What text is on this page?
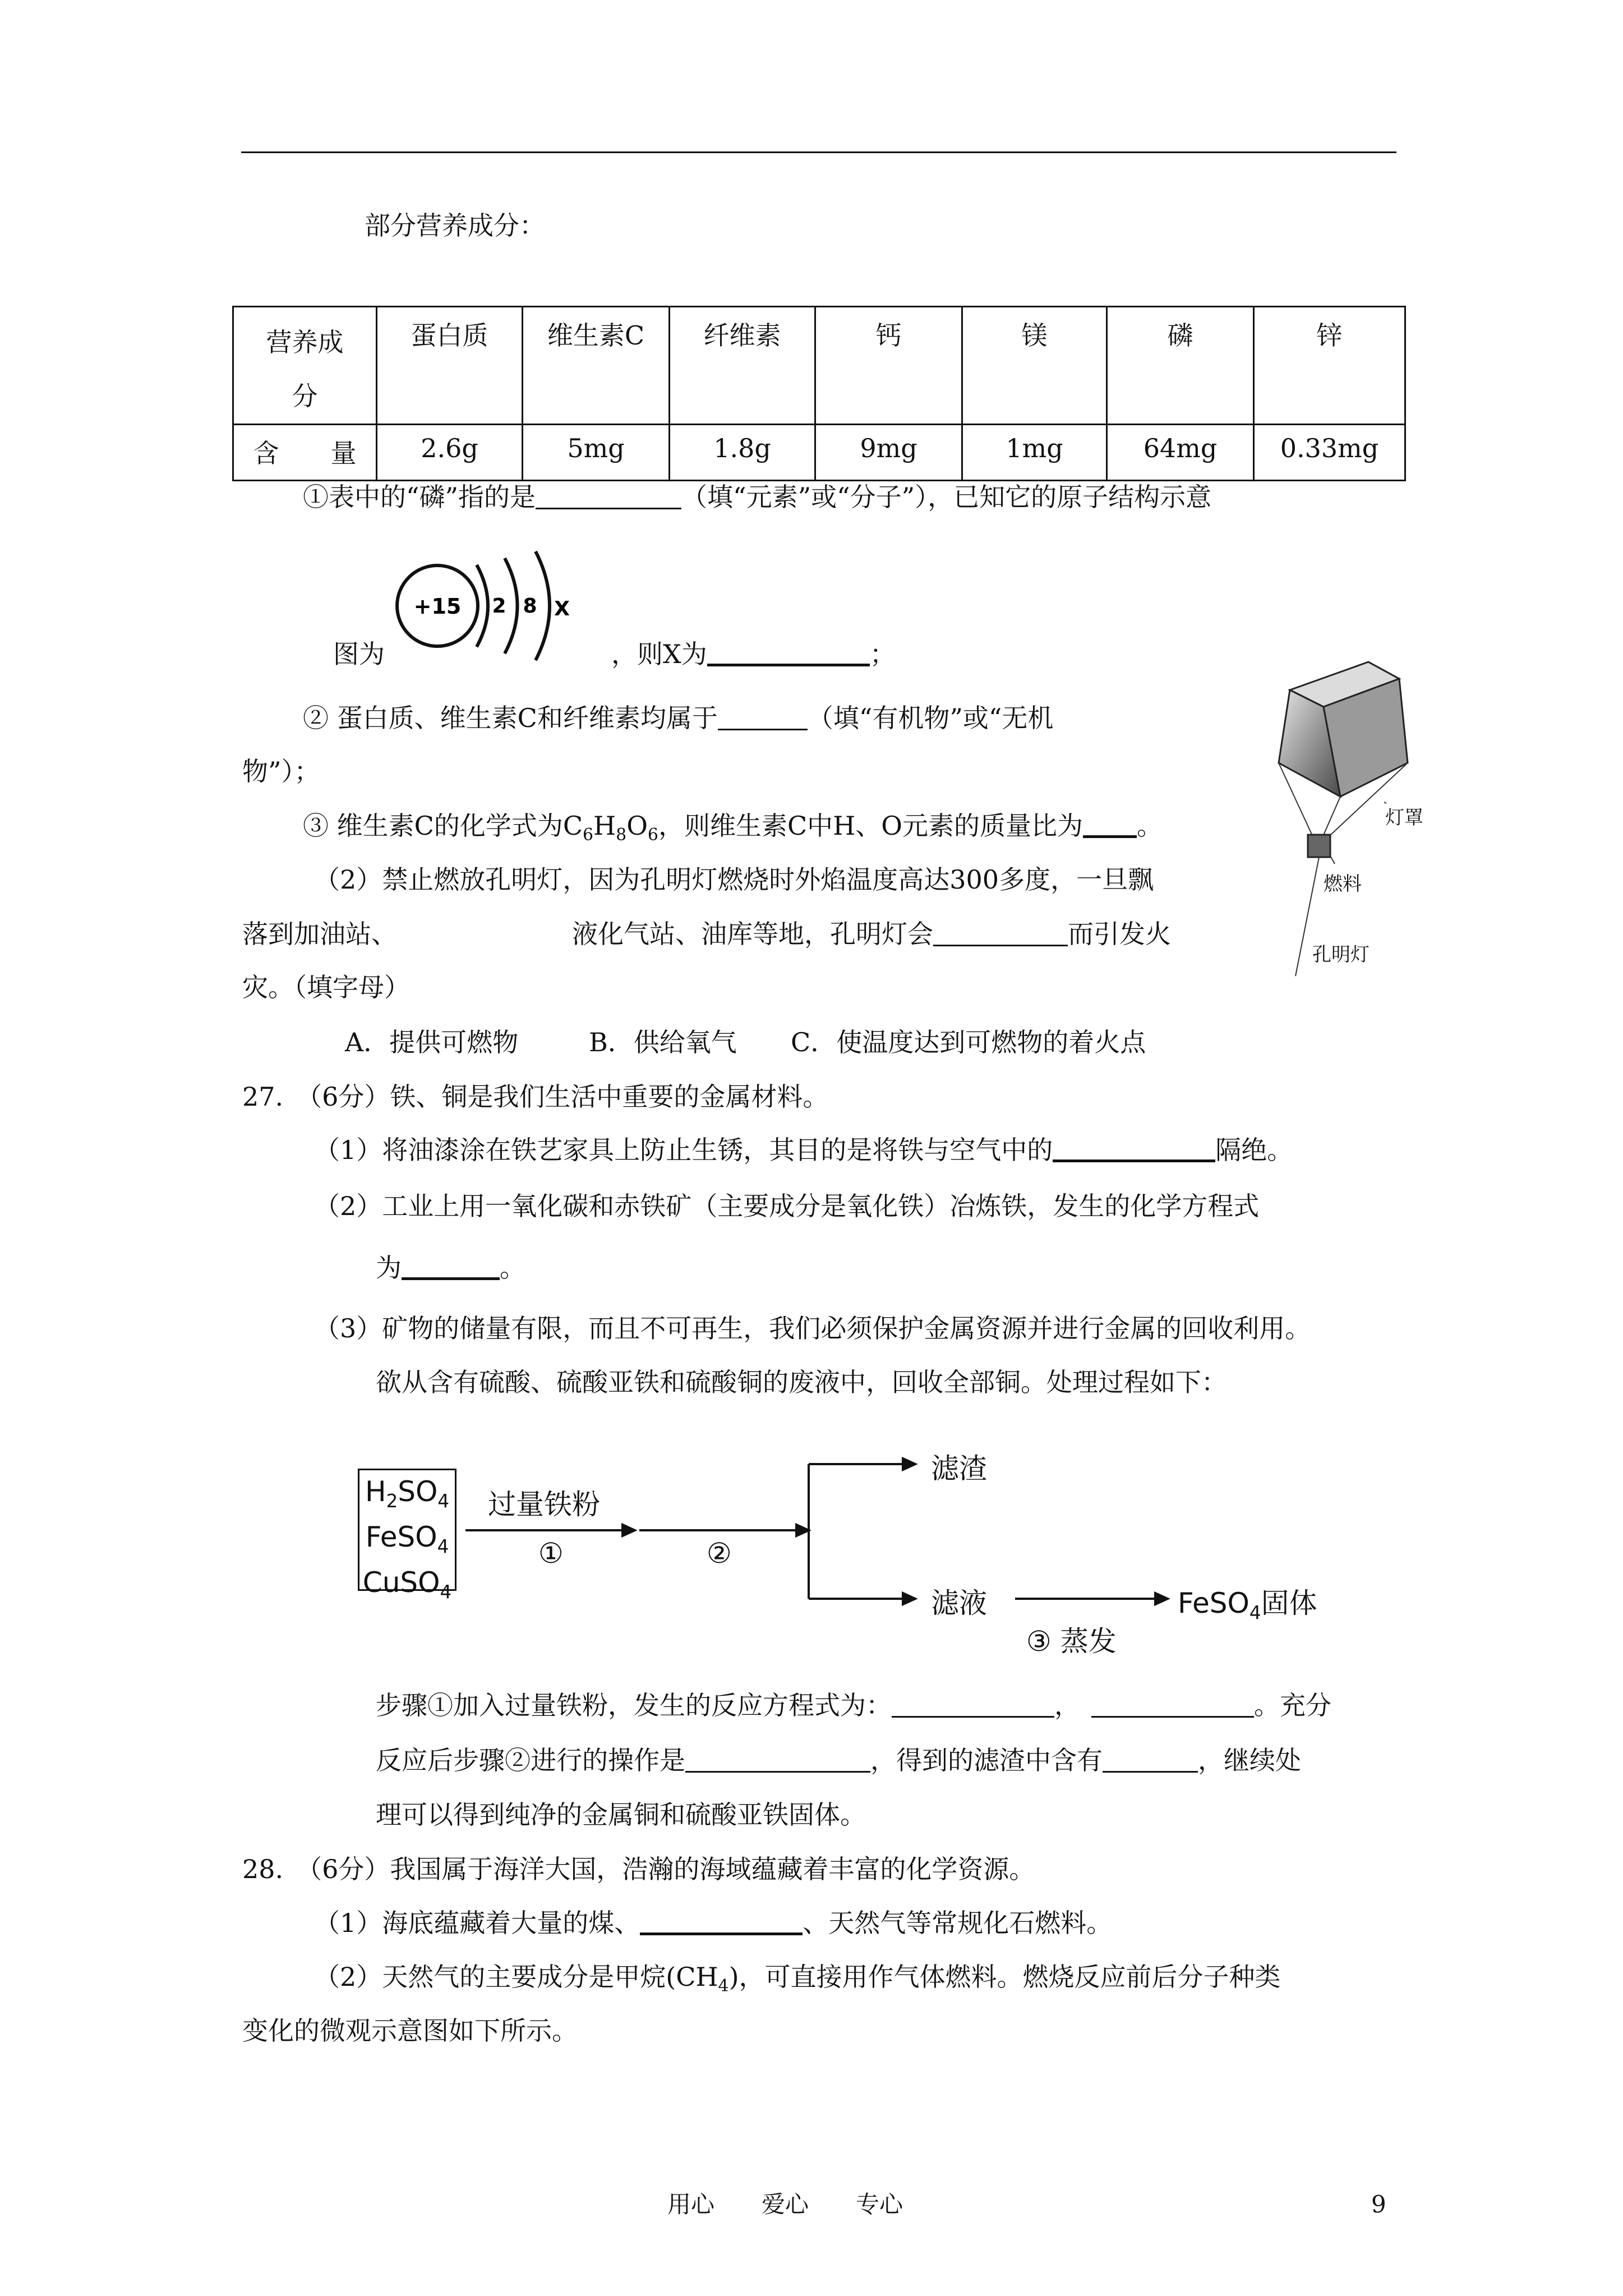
部分营养成分：
营养成分	蛋白质	维生素C	纤维素	钙	镁	磷	锌
含　　量	2.6g	5mg	1.8g	9mg	1mg	64mg	0.33mg
①表中的“磷”指的是	（填“元素”或“分子”），已知它的原子结构示意
+15 2 8 X
图为	，则X为	；
灯罩
燃料
孔明灯
② 蛋白质、维生素C和纤维素均属于	（填“有机物”或“无机
物”）；
③ 维生素C的化学式为$C_6H_8O_6$，则维生素C中H、O元素的质量比为 。
（2）禁止燃放孔明灯，因为孔明灯燃烧时外焰温度高达300多度，一旦飘
落到加油站、	液化气站、油库等地，孔明灯会	而引发火
灾。（填字母）
A．提供可燃物	B．供给氧气 C．使温度达到可燃物的着火点
27.　（6分）铁、铜是我们生活中重要的金属材料。
（1）将油漆涂在铁艺家具上防止生锈，其目的是将铁与空气中的	隔绝。
（2）工业上用一氧化碳和赤铁矿（主要成分是氧化铁）冶炼铁，发生的化学方程式
为	。
（3）矿物的储量有限，而且不可再生，我们必须保护金属资源并进行金属的回收利用。
欲从含有硫酸、硫酸亚铁和硫酸铜的废液中，回收全部铜。处理过程如下：
$H_2SO_4$
FeSO$_4$
CuSO$_4$
过量铁粉
①	②
滤渣
滤液
③ 蒸发
FeSO$_4$固体
步骤①加入过量铁粉，发生的反应方程式为：	，	。充分
反应后步骤②进行的操作是	，得到的滤渣中含有	，继续处
理可以得到纯净的金属铜和硫酸亚铁固体。
28.　（6分）我国属于海洋大国，浩瀚的海域蕴藏着丰富的化学资源。
（1）海底蕴藏着大量的煤、	、天然气等常规化石燃料。
（2）天然气的主要成分是甲烷$(CH_4)$，可直接用作气体燃料。燃烧反应前后分子种类
变化的微观示意图如下所示。
用心　　爱心　　专心	9
